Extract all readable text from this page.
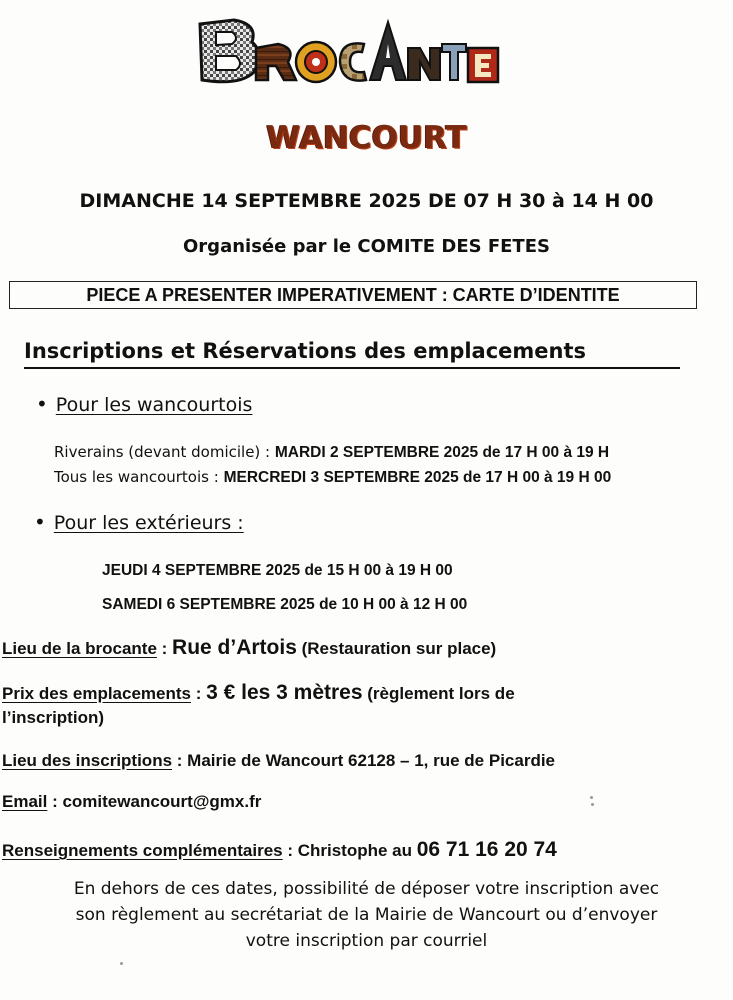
WANCOURT
DIMANCHE 14 SEPTEMBRE 2025 DE 07 H 30 à 14 H 00
Organisée par le COMITE DES FETES
PIECE A PRESENTER IMPERATIVEMENT : CARTE D’IDENTITE
Inscriptions et Réservations des emplacements
• Pour les wancourtois
Riverains (devant domicile) : MARDI 2 SEPTEMBRE 2025 de 17 H 00 à 19 H
Tous les wancourtois : MERCREDI 3 SEPTEMBRE 2025 de 17 H 00 à 19 H 00
• Pour les extérieurs :
JEUDI 4 SEPTEMBRE 2025 de 15 H 00 à 19 H 00
SAMEDI 6 SEPTEMBRE 2025 de 10 H 00 à 12 H 00
Lieu de la brocante : Rue d’Artois (Restauration sur place)
Prix des emplacements : 3 € les 3 mètres (règlement lors de
l’inscription)
Lieu des inscriptions : Mairie de Wancourt 62128 – 1, rue de Picardie
Email : comitewancourt@gmx.fr
Renseignements complémentaires : Christophe au 06 71 16 20 74
En dehors de ces dates, possibilité de déposer votre inscription avec
son règlement au secrétariat de la Mairie de Wancourt ou d’envoyer
votre inscription par courriel
